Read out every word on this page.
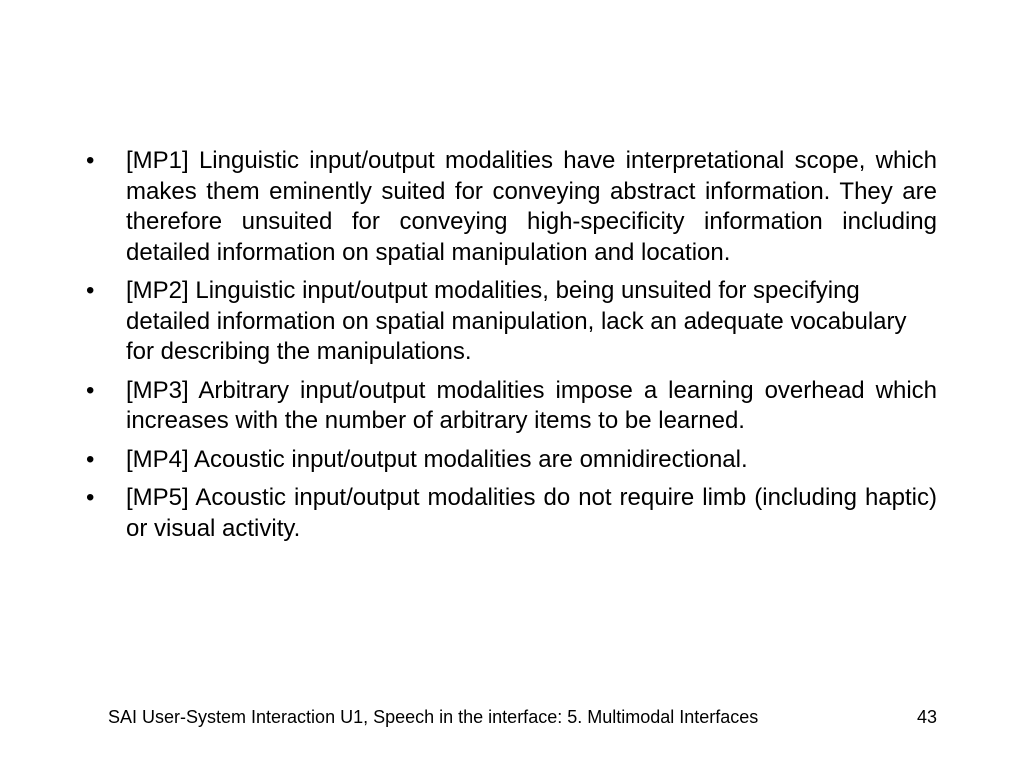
•	[MP1] Linguistic input/output modalities have interpretational scope, which makes them eminently suited for conveying abstract information. They are therefore unsuited for conveying high-specificity information including detailed information on spatial manipulation and location.
•	[MP2] Linguistic input/output modalities, being unsuited for specifying detailed information on spatial manipulation, lack an adequate vocabulary for describing the manipulations.
•	[MP3] Arbitrary input/output modalities impose a learning overhead which increases with the number of arbitrary items to be learned.
•	[MP4] Acoustic input/output modalities are omnidirectional.
•	[MP5] Acoustic input/output modalities do not require limb (including haptic) or visual activity.
SAI User-System Interaction U1, Speech in the interface: 5. Multimodal Interfaces	43
